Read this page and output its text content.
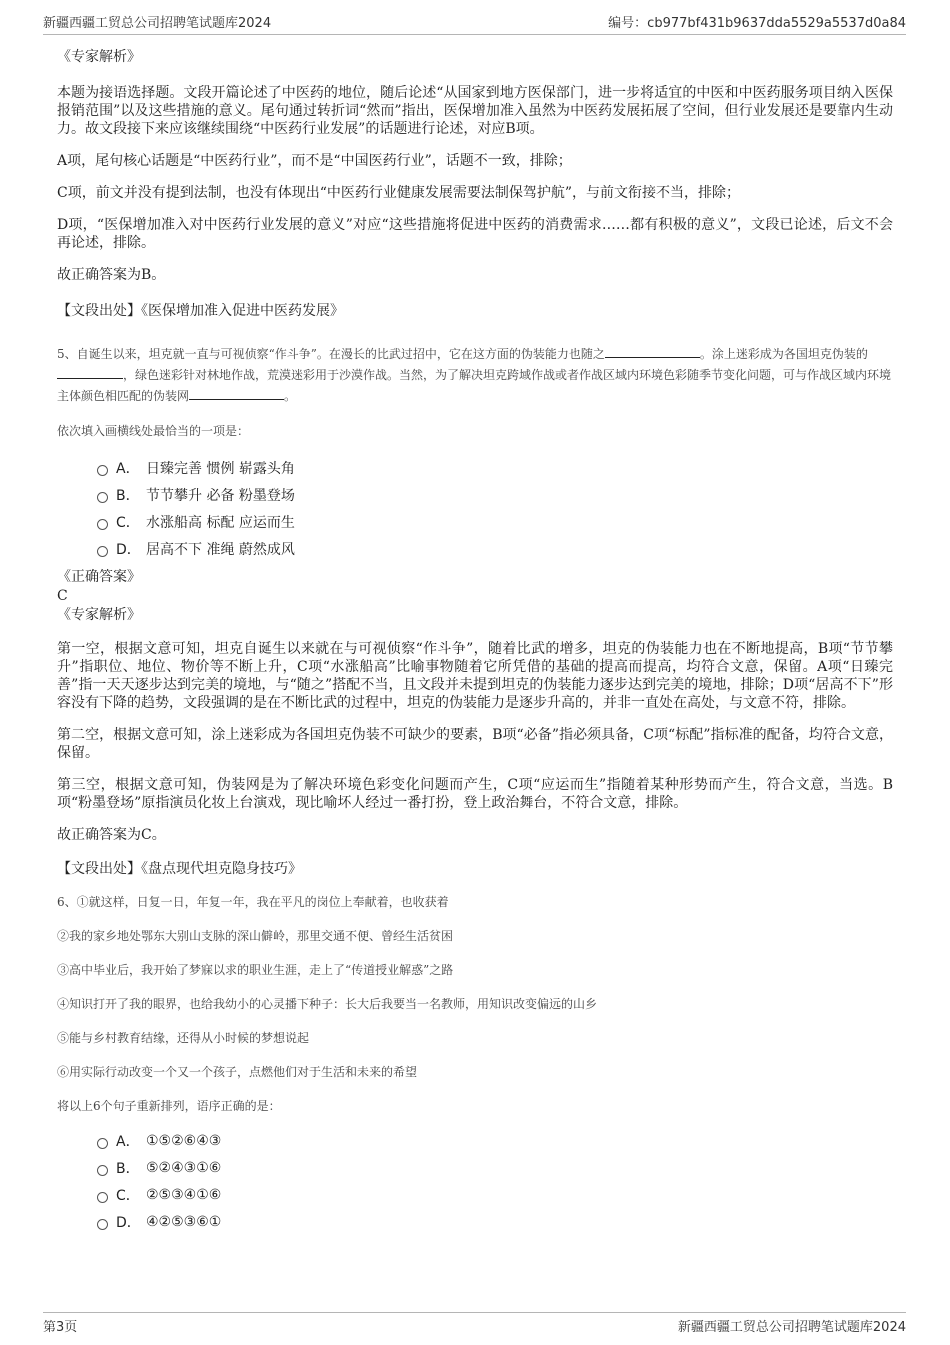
新疆西疆工贸总公司招聘笔试题库2024	编号：cb977bf431b9637dda5529a5537d0a84

《专家解析》

本题为接语选择题。文段开篇论述了中医药的地位，随后论述“从国家到地方医保部门，进一步将适宜的中医和中医药服务项目纳入医保报销范围”以及这些措施的意义。尾句通过转折词“然而”指出，医保增加准入虽然为中医药发展拓展了空间，但行业发展还是要靠内生动力。故文段接下来应该继续围绕“中医药行业发展”的话题进行论述，对应B项。

A项，尾句核心话题是“中医药行业”，而不是“中国医药行业”，话题不一致，排除；

C项，前文并没有提到法制，也没有体现出“中医药行业健康发展需要法制保驾护航”，与前文衔接不当，排除；

D项，“医保增加准入对中医药行业发展的意义”对应“这些措施将促进中医药的消费需求……都有积极的意义”，文段已论述，后文不会再论述，排除。

故正确答案为B。

【文段出处】《医保增加准入促进中医药发展》

5、自诞生以来，坦克就一直与可视侦察“作斗争”。在漫长的比武过招中，它在这方面的伪装能力也随之	。涂上迷彩成为各国坦克伪装的，绿色迷彩针对林地作战，荒漠迷彩用于沙漠作战。当然，为了解决坦克跨域作战或者作战区域内环境色彩随季节变化问题，可与作战区域内环境主体颜色相匹配的伪装网	。

依次填入画横线处最恰当的一项是：

A． 日臻完善 惯例 崭露头角
B． 节节攀升 必备 粉墨登场
C． 水涨船高 标配 应运而生
D． 居高不下 准绳 蔚然成风

《正确答案》

C

《专家解析》

第一空，根据文意可知，坦克自诞生以来就在与可视侦察“作斗争”，随着比武的增多，坦克的伪装能力也在不断地提高，B项“节节攀升”指职位、地位、物价等不断上升，C项“水涨船高”比喻事物随着它所凭借的基础的提高而提高，均符合文意，保留。A项“日臻完善”指一天天逐步达到完美的境地，与“随之”搭配不当，且文段并未提到坦克的伪装能力逐步达到完美的境地，排除；D项“居高不下”形容没有下降的趋势，文段强调的是在不断比武的过程中，坦克的伪装能力是逐步升高的，并非一直处在高处，与文意不符，排除。

第二空，根据文意可知，涂上迷彩成为各国坦克伪装不可缺少的要素，B项“必备”指必须具备，C项“标配”指标准的配备，均符合文意，保留。

第三空，根据文意可知，伪装网是为了解决环境色彩变化问题而产生，C项“应运而生”指随着某种形势而产生，符合文意，当选。B项“粉墨登场”原指演员化妆上台演戏，现比喻坏人经过一番打扮，登上政治舞台，不符合文意，排除。

故正确答案为C。

【文段出处】《盘点现代坦克隐身技巧》

6、①就这样，日复一日，年复一年，我在平凡的岗位上奉献着，也收获着

②我的家乡地处鄂东大别山支脉的深山僻岭，那里交通不便、曾经生活贫困

③高中毕业后，我开始了梦寐以求的职业生涯，走上了“传道授业解惑”之路

④知识打开了我的眼界，也给我幼小的心灵播下种子：长大后我要当一名教师，用知识改变偏远的山乡

⑤能与乡村教育结缘，还得从小时候的梦想说起

⑥用实际行动改变一个又一个孩子，点燃他们对于生活和未来的希望

将以上6个句子重新排列，语序正确的是：

A． ①⑤②⑥④③
B． ⑤②④③①⑥
C． ②⑤③④①⑥
D． ④②⑤③⑥①
第3页	新疆西疆工贸总公司招聘笔试题库2024
